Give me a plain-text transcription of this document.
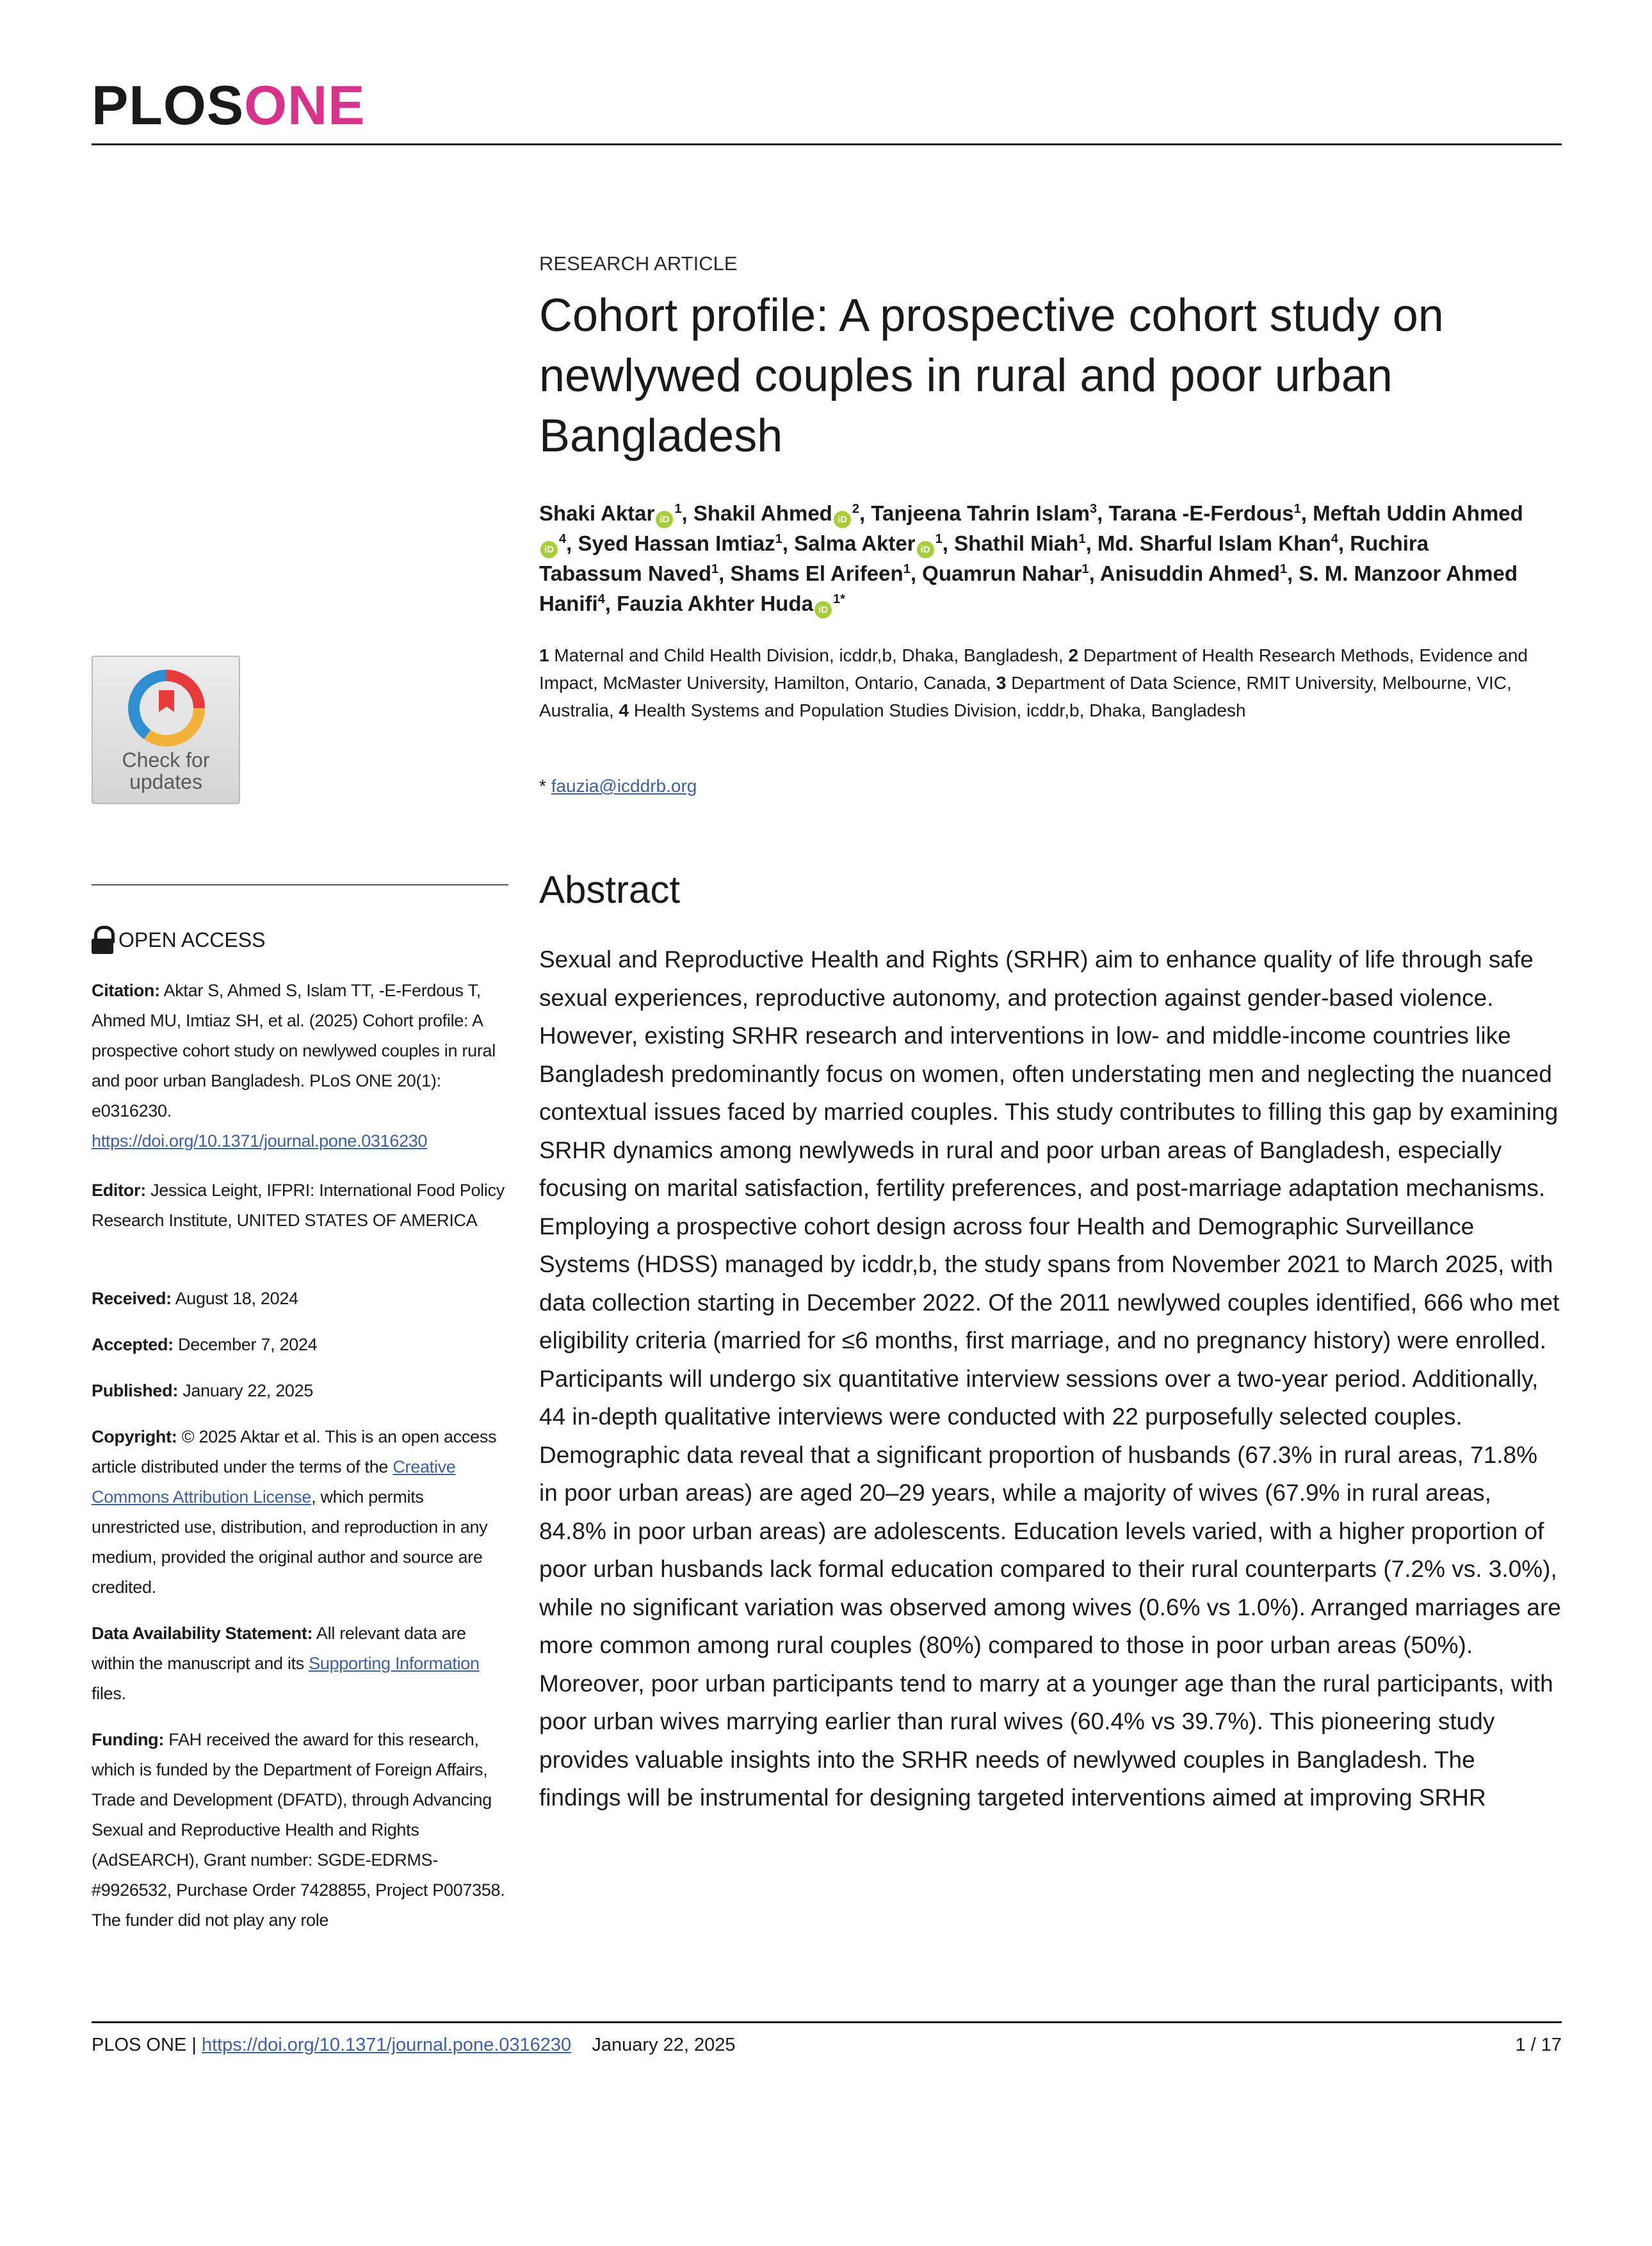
PLOSONE
Check for updates
OPEN ACCESS
Citation: Aktar S, Ahmed S, Islam TT, -E-Ferdous T, Ahmed MU, Imtiaz SH, et al. (2025) Cohort profile: A prospective cohort study on newlywed couples in rural and poor urban Bangladesh. PLoS ONE 20(1): e0316230. https://doi.org/10.1371/journal.pone.0316230
Editor: Jessica Leight, IFPRI: International Food Policy Research Institute, UNITED STATES OF AMERICA
Received: August 18, 2024
Accepted: December 7, 2024
Published: January 22, 2025
Copyright: © 2025 Aktar et al. This is an open access article distributed under the terms of the Creative Commons Attribution License, which permits unrestricted use, distribution, and reproduction in any medium, provided the original author and source are credited.
Data Availability Statement: All relevant data are within the manuscript and its Supporting Information files.
Funding: FAH received the award for this research, which is funded by the Department of Foreign Affairs, Trade and Development (DFATD), through Advancing Sexual and Reproductive Health and Rights (AdSEARCH), Grant number: SGDE-EDRMS-#9926532, Purchase Order 7428855, Project P007358. The funder did not play any role
RESEARCH ARTICLE
Cohort profile: A prospective cohort study on newlywed couples in rural and poor urban Bangladesh
Shaki Aktar $iD^1$, Shakil Ahmed $iD^2$, Tanjeena Tahrin Islam$^3$, Tarana -E-Ferdous$^1$, Meftah Uddin AhmediD$^4$, Syed Hassan Imtiaz$^1$, Salma Akter $iD^1$, Shathil Miah$^1$, Md. Sharful Islam Khan$^4$, Ruchira Tabassum Naved$^1$, Shams El Arifeen$^1$, Quamrun Nahar$^1$, Anisuddin Ahmed$^1$, S. M. Manzoor Ahmed Hanifi$^4$, Fauzia Akhter Huda $iD^{1*}$
1 Maternal and Child Health Division, icddr,b, Dhaka, Bangladesh, 2 Department of Health Research Methods, Evidence and Impact, McMaster University, Hamilton, Ontario, Canada, 3 Department of Data Science, RMIT University, Melbourne, VIC, Australia, 4 Health Systems and Population Studies Division, icddr,b, Dhaka, Bangladesh
* fauzia@icddrb.org
Abstract
Sexual and Reproductive Health and Rights (SRHR) aim to enhance quality of life through safe sexual experiences, reproductive autonomy, and protection against gender-based violence. However, existing SRHR research and interventions in low- and middle-income countries like Bangladesh predominantly focus on women, often understating men and neglecting the nuanced contextual issues faced by married couples. This study contributes to filling this gap by examining SRHR dynamics among newlyweds in rural and poor urban areas of Bangladesh, especially focusing on marital satisfaction, fertility preferences, and post-marriage adaptation mechanisms. Employing a prospective cohort design across four Health and Demographic Surveillance Systems (HDSS) managed by icddr,b, the study spans from November 2021 to March 2025, with data collection starting in December 2022. Of the 2011 newlywed couples identified, 666 who met eligibility criteria (married for ≤6 months, first marriage, and no pregnancy history) were enrolled. Participants will undergo six quantitative interview sessions over a two-year period. Additionally, 44 in-depth qualitative interviews were conducted with 22 purposefully selected couples. Demographic data reveal that a significant proportion of husbands (67.3% in rural areas, 71.8% in poor urban areas) are aged 20–29 years, while a majority of wives (67.9% in rural areas, 84.8% in poor urban areas) are adolescents. Education levels varied, with a higher proportion of poor urban husbands lack formal education compared to their rural counterparts (7.2% vs. 3.0%), while no significant variation was observed among wives (0.6% vs 1.0%). Arranged marriages are more common among rural couples (80%) compared to those in poor urban areas (50%). Moreover, poor urban participants tend to marry at a younger age than the rural participants, with poor urban wives marrying earlier than rural wives (60.4% vs 39.7%). This pioneering study provides valuable insights into the SRHR needs of newlywed couples in Bangladesh. The findings will be instrumental for designing targeted interventions aimed at improving SRHR
PLOS ONE | https://doi.org/10.1371/journal.pone.0316230 January 22, 2025	1 / 17
